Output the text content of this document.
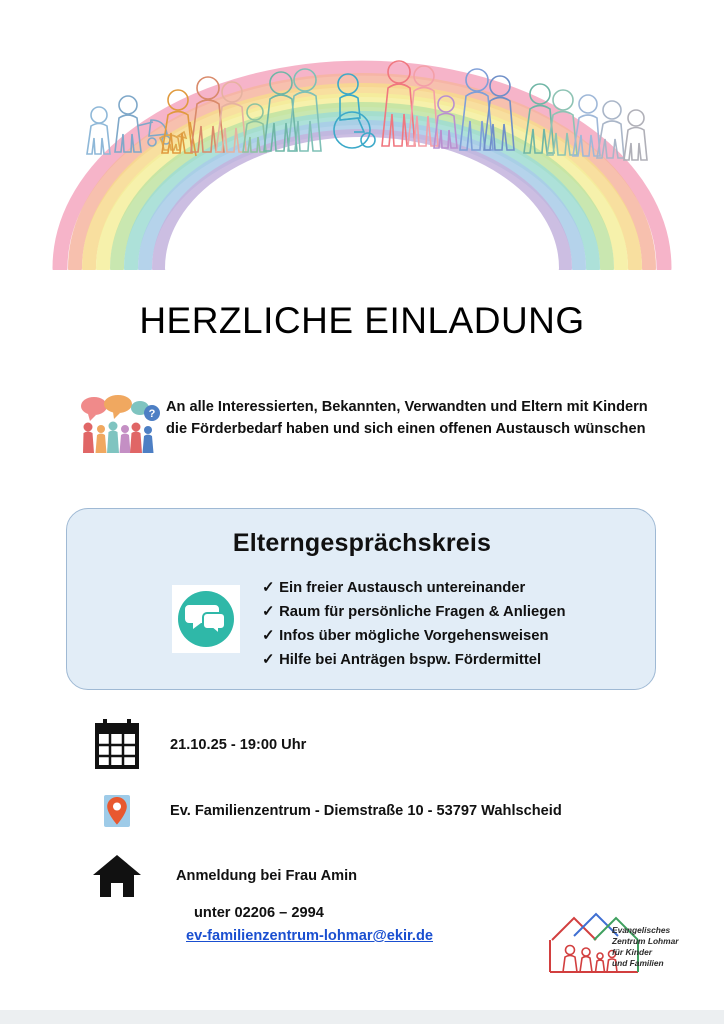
HERZLICHE EINLADUNG
? An alle Interessierten, Bekannten, Verwandten und Eltern mit Kindern die Förderbedarf haben und sich einen offenen Austausch wünschen
Elterngesprächskreis
✓ Ein freier Austausch untereinander
✓ Raum für persönliche Fragen & Anliegen
✓ Infos über mögliche Vorgehensweisen
✓ Hilfe bei Anträgen bspw. Fördermittel
21.10.25 - 19:00 Uhr
Ev. Familienzentrum - Diemstraße 10 - 53797 Wahlscheid
Anmeldung bei Frau Amin
unter 02206 – 2994
ev-familienzentrum-lohmar@ekir.de	Evangelisches
Zentrum Lohmar
für Kinder
und Familien
